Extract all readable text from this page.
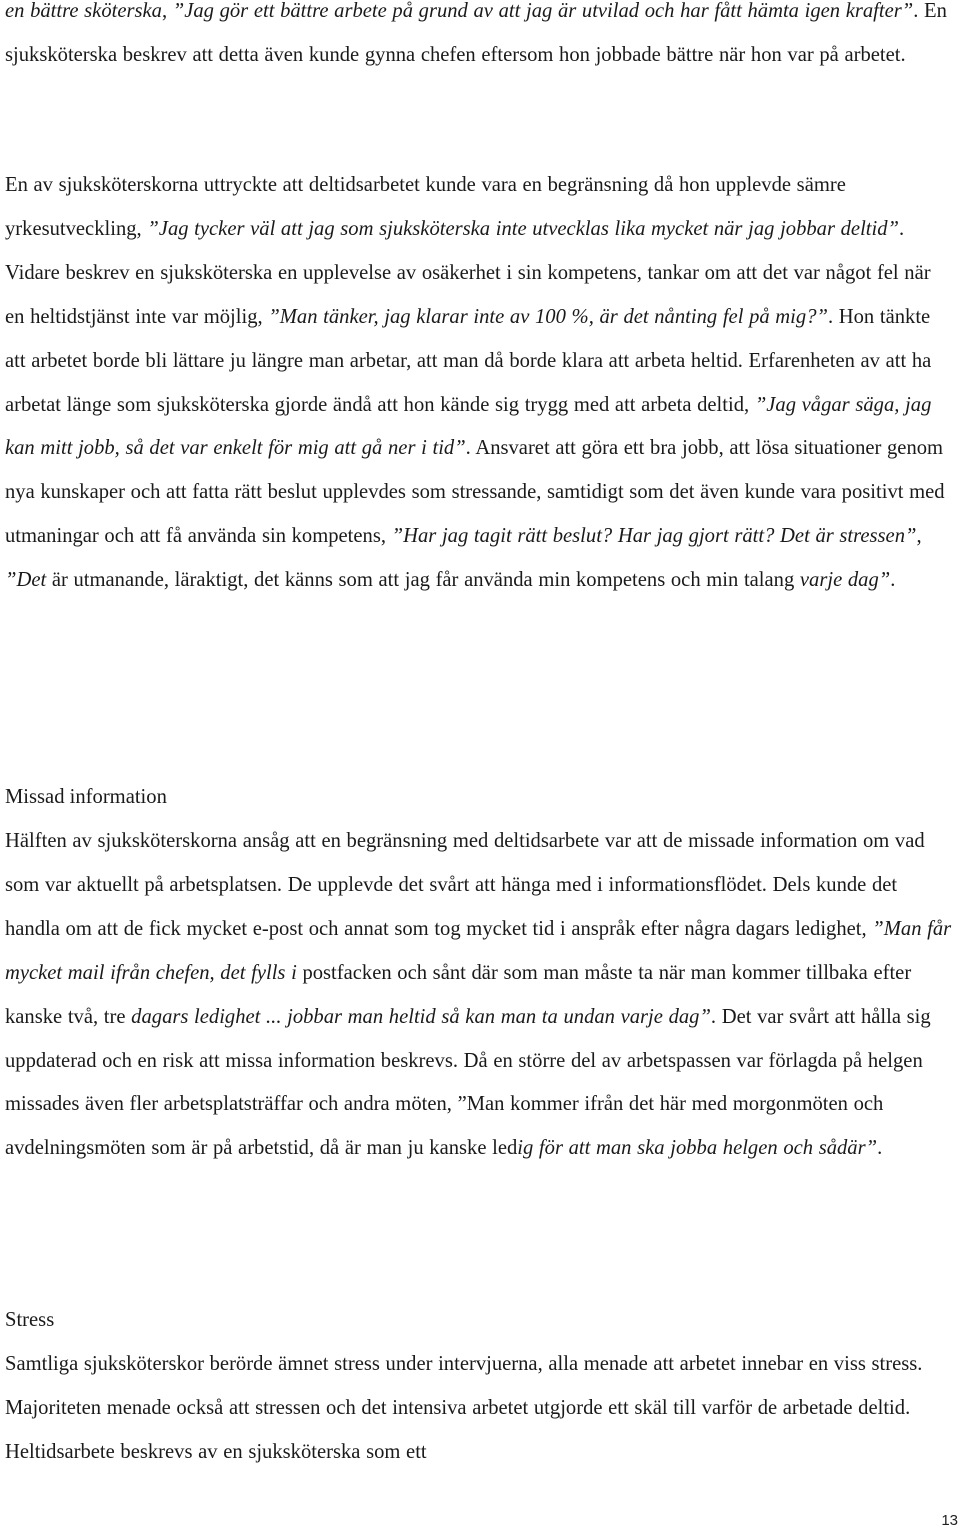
en bättre sköterska, ”Jag gör ett bättre arbete på grund av att jag är utvilad och har fått hämta igen krafter”. En sjuksköterska beskrev att detta även kunde gynna chefen eftersom hon jobbade bättre när hon var på arbetet.

En av sjuksköterskorna uttryckte att deltidsarbetet kunde vara en begränsning då hon upplevde sämre yrkesutveckling, ”Jag tycker väl att jag som sjuksköterska inte utvecklas lika mycket när jag jobbar deltid”. Vidare beskrev en sjuksköterska en upplevelse av osäkerhet i sin kompetens, tankar om att det var något fel när en heltidstjänst inte var möjlig, ”Man tänker, jag klarar inte av 100 %, är det nånting fel på mig?”. Hon tänkte att arbetet borde bli lättare ju längre man arbetar, att man då borde klara att arbeta heltid. Erfarenheten av att ha arbetat länge som sjuksköterska gjorde ändå att hon kände sig trygg med att arbeta deltid, ”Jag vågar säga, jag kan mitt jobb, så det var enkelt för mig att gå ner i tid”. Ansvaret att göra ett bra jobb, att lösa situationer genom nya kunskaper och att fatta rätt beslut upplevdes som stressande, samtidigt som det även kunde vara positivt med utmaningar och att få använda sin kompetens, ”Har jag tagit rätt beslut? Har jag gjort rätt? Det är stressen”, ”Det är utmanande, läraktigt, det känns som att jag får använda min kompetens och min talang varje dag”.

Missad information

Hälften av sjuksköterskorna ansåg att en begränsning med deltidsarbete var att de missade information om vad som var aktuellt på arbetsplatsen. De upplevde det svårt att hänga med i informationsflödet. Dels kunde det handla om att de fick mycket e-post och annat som tog mycket tid i anspråk efter några dagars ledighet, ”Man får mycket mail ifrån chefen, det fylls i postfacken och sånt där som man måste ta när man kommer tillbaka efter kanske två, tre dagars ledighet ... jobbar man heltid så kan man ta undan varje dag”. Det var svårt att hålla sig uppdaterad och en risk att missa information beskrevs. Då en större del av arbetspassen var förlagda på helgen missades även fler arbetsplatsträffar och andra möten, ”Man kommer ifrån det här med morgonmöten och avdelningsmöten som är på arbetstid, då är man ju kanske ledig för att man ska jobba helgen och sådär”.

Stress

Samtliga sjuksköterskor berörde ämnet stress under intervjuerna, alla menade att arbetet innebar en viss stress. Majoriteten menade också att stressen och det intensiva arbetet utgjorde ett skäl till varför de arbetade deltid. Heltidsarbete beskrevs av en sjuksköterska som ett

13
